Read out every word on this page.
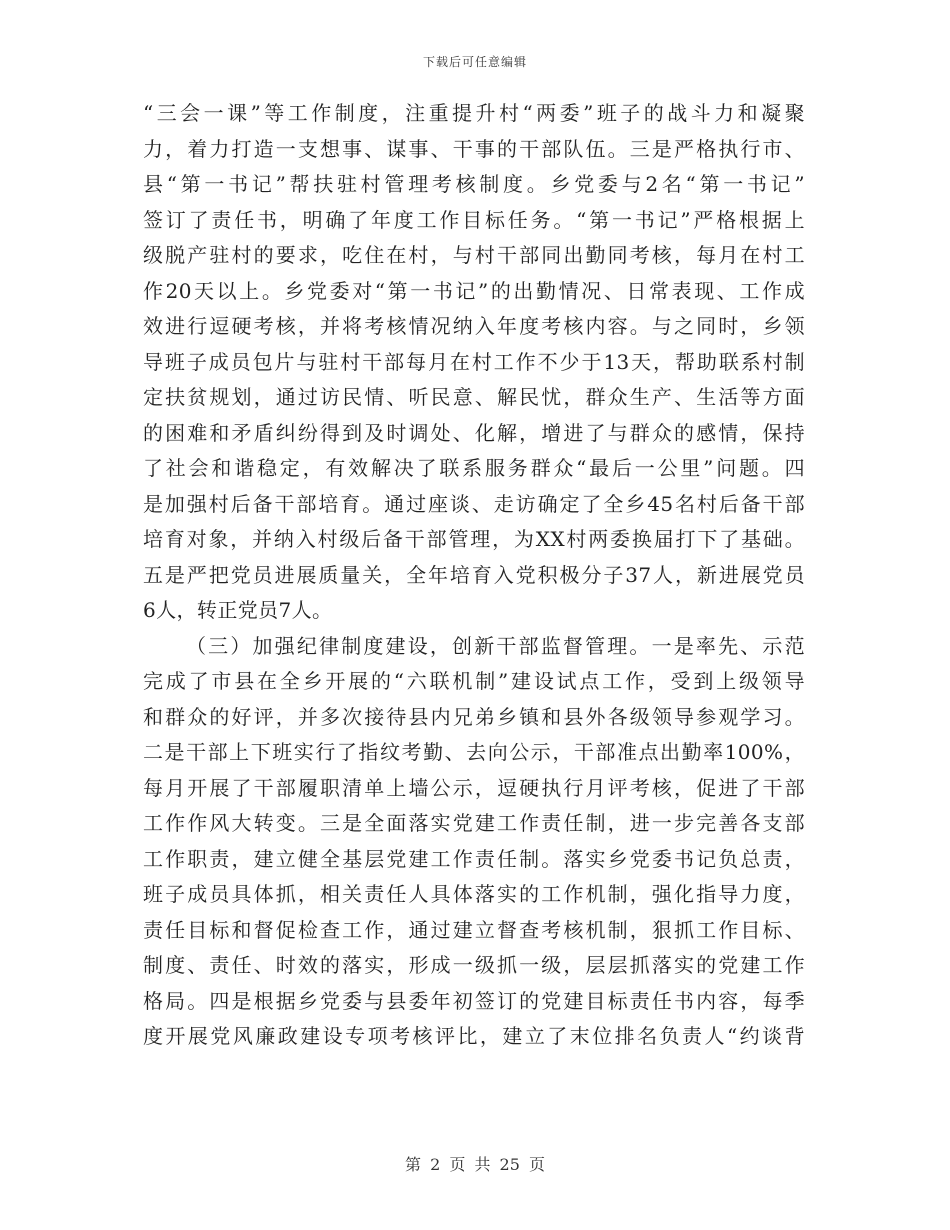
下载后可任意编辑
“三会一课”等工作制度，注重提升村“两委”班子的战斗力和凝聚
力，着力打造一支想事、谋事、干事的干部队伍。三是严格执行市、
县“第一书记”帮扶驻村管理考核制度。乡党委与2名“第一书记”
签订了责任书，明确了年度工作目标任务。“第一书记”严格根据上
级脱产驻村的要求，吃住在村，与村干部同出勤同考核，每月在村工
作20天以上。乡党委对“第一书记”的出勤情况、日常表现、工作成
效进行逗硬考核，并将考核情况纳入年度考核内容。与之同时，乡领
导班子成员包片与驻村干部每月在村工作不少于13天，帮助联系村制
定扶贫规划，通过访民情、听民意、解民忧，群众生产、生活等方面
的困难和矛盾纠纷得到及时调处、化解，增进了与群众的感情，保持
了社会和谐稳定，有效解决了联系服务群众“最后一公里”问题。四
是加强村后备干部培育。通过座谈、走访确定了全乡45名村后备干部
培育对象，并纳入村级后备干部管理，为XX村两委换届打下了基础。
五是严把党员进展质量关，全年培育入党积极分子37人，新进展党员
6人，转正党员7人。
（三）加强纪律制度建设，创新干部监督管理。一是率先、示范
完成了市县在全乡开展的“六联机制”建设试点工作，受到上级领导
和群众的好评，并多次接待县内兄弟乡镇和县外各级领导参观学习。
二是干部上下班实行了指纹考勤、去向公示，干部准点出勤率100%，
每月开展了干部履职清单上墙公示，逗硬执行月评考核，促进了干部
工作作风大转变。三是全面落实党建工作责任制，进一步完善各支部
工作职责，建立健全基层党建工作责任制。落实乡党委书记负总责，
班子成员具体抓，相关责任人具体落实的工作机制，强化指导力度，
责任目标和督促检查工作，通过建立督查考核机制，狠抓工作目标、
制度、责任、时效的落实，形成一级抓一级，层层抓落实的党建工作
格局。四是根据乡党委与县委年初签订的党建目标责任书内容，每季
度开展党风廉政建设专项考核评比，建立了末位排名负责人“约谈背
第 2 页 共 25 页
